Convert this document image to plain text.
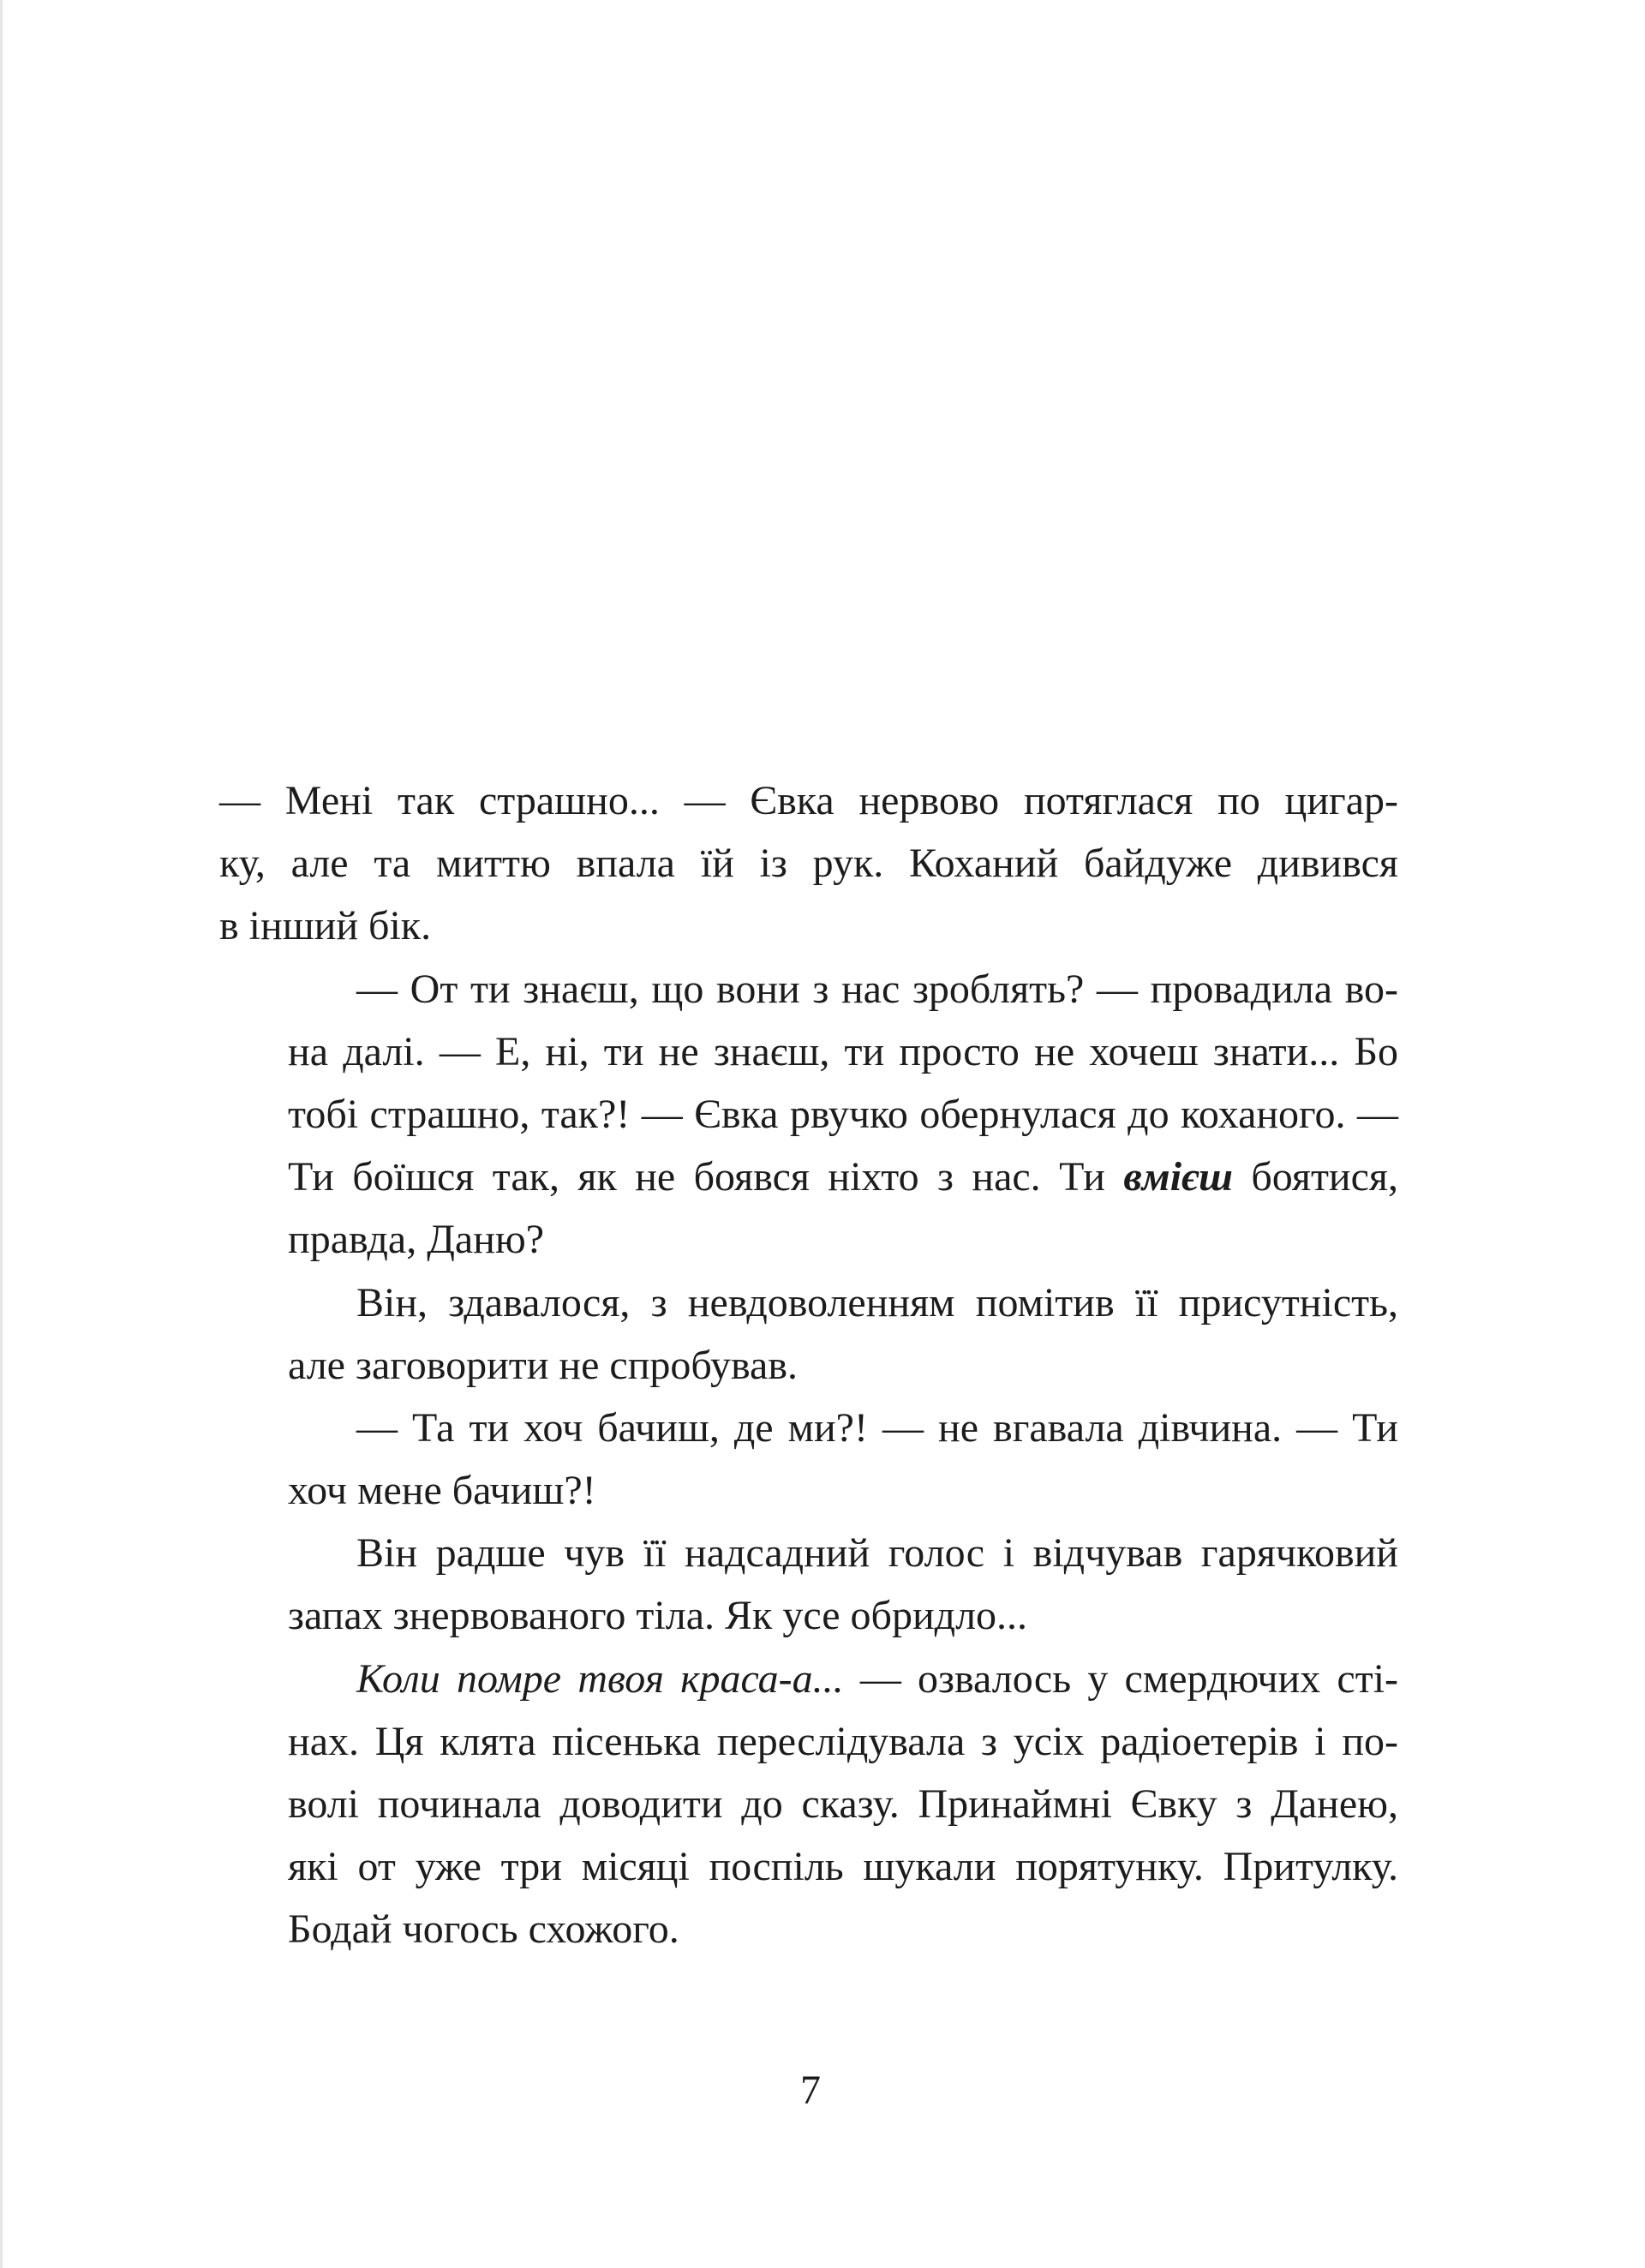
— Мені так страшно... — Євка нервово потяглася по цигар-
ку, але та миттю впала їй із рук. Коханий байдуже дивився
в інший бік.
— От ти знаєш, що вони з нас зроблять? — провадила во-
на далі. — Е, ні, ти не знаєш, ти просто не хочеш знати... Бо
тобі страшно, так?! — Євка рвучко обернулася до коханого. —
Ти боїшся так, як не боявся ніхто з нас. Ти вмієш боятися,
правда, Даню?
Він, здавалося, з невдоволенням помітив її присутність,
але заговорити не спробував.
— Та ти хоч бачиш, де ми?! — не вгавала дівчина. — Ти
хоч мене бачиш?!
Він радше чув її надсадний голос і відчував гарячковий
запах знервованого тіла. Як усе обридло...
Коли помре твоя краса-а... — озвалось у смердючих сті-
нах. Ця клята пісенька переслідувала з усіх радіоетерів і по-
волі починала доводити до сказу. Принаймні Євку з Данею,
які от уже три місяці поспіль шукали порятунку. Притулку.
Бодай чогось схожого.
7
